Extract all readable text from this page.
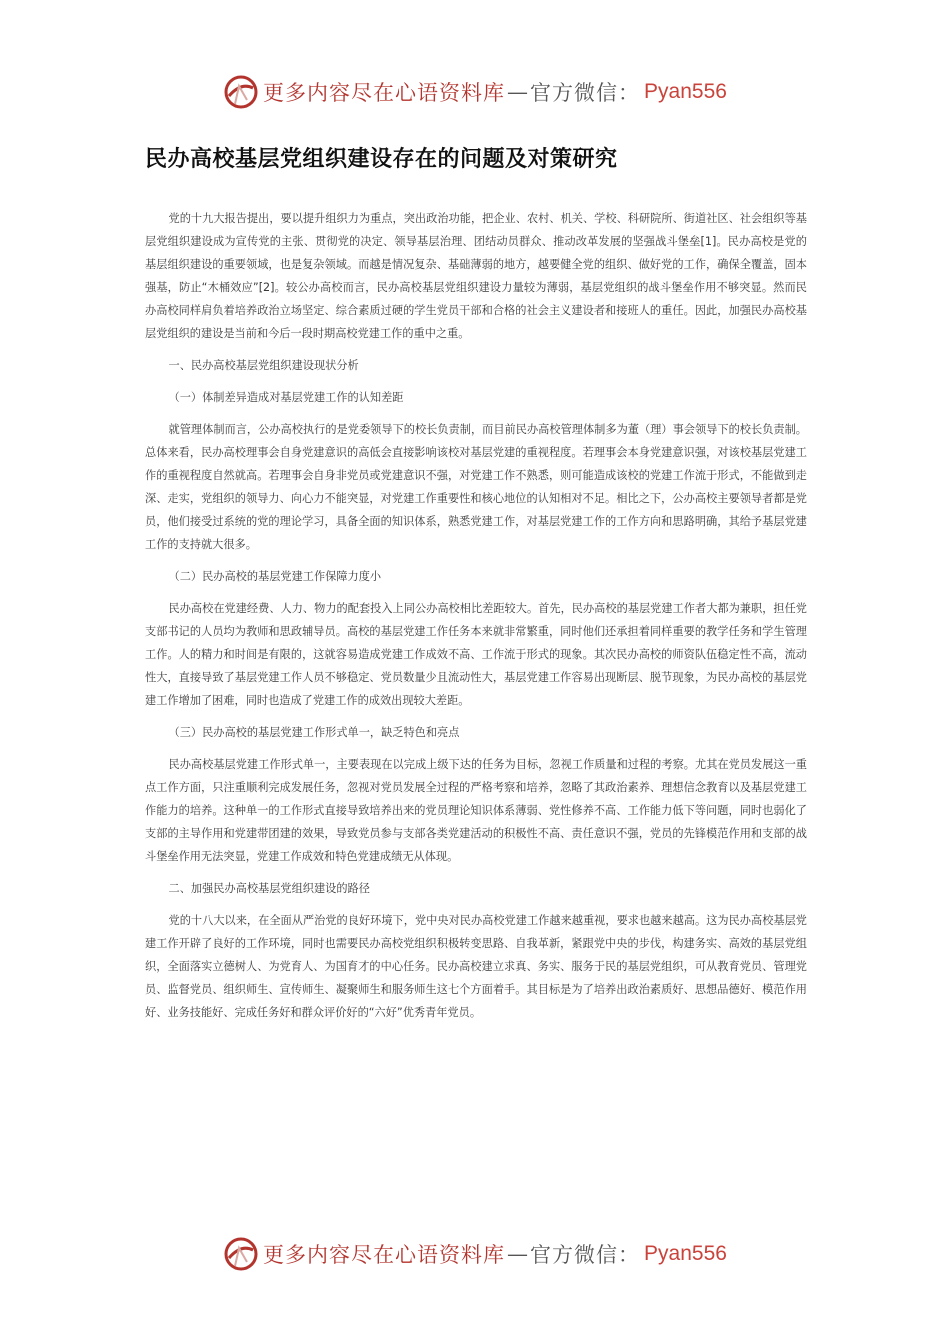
更多内容尽在心语资料库 — 官方微信： Pyan556
民办高校基层党组织建设存在的问题及对策研究
党的十九大报告提出，要以提升组织力为重点，突出政治功能，把企业、农村、机关、学校、科研院所、街道社区、社会组织等基层党组织建设成为宣传党的主张、贯彻党的决定、领导基层治理、团结动员群众、推动改革发展的坚强战斗堡垒[1]。民办高校是党的基层组织建设的重要领域，也是复杂领域。而越是情况复杂、基础薄弱的地方，越要健全党的组织、做好党的工作，确保全覆盖，固本强基，防止“木桶效应”[2]。较公办高校而言，民办高校基层党组织建设力量较为薄弱，基层党组织的战斗堡垒作用不够突显。然而民办高校同样肩负着培养政治立场坚定、综合素质过硬的学生党员干部和合格的社会主义建设者和接班人的重任。因此，加强民办高校基层党组织的建设是当前和今后一段时期高校党建工作的重中之重。
一、民办高校基层党组织建设现状分析
（一）体制差异造成对基层党建工作的认知差距
就管理体制而言，公办高校执行的是党委领导下的校长负责制，而目前民办高校管理体制多为董（理）事会领导下的校长负责制。总体来看，民办高校理事会自身党建意识的高低会直接影响该校对基层党建的重视程度。若理事会本身党建意识强，对该校基层党建工作的重视程度自然就高。若理事会自身非党员或党建意识不强，对党建工作不熟悉，则可能造成该校的党建工作流于形式，不能做到走深、走实，党组织的领导力、向心力不能突显，对党建工作重要性和核心地位的认知相对不足。相比之下，公办高校主要领导者都是党员，他们接受过系统的党的理论学习，具备全面的知识体系，熟悉党建工作，对基层党建工作的工作方向和思路明确，其给予基层党建工作的支持就大很多。
（二）民办高校的基层党建工作保障力度小
民办高校在党建经费、人力、物力的配套投入上同公办高校相比差距较大。首先，民办高校的基层党建工作者大都为兼职，担任党支部书记的人员均为教师和思政辅导员。高校的基层党建工作任务本来就非常繁重，同时他们还承担着同样重要的教学任务和学生管理工作。人的精力和时间是有限的，这就容易造成党建工作成效不高、工作流于形式的现象。其次民办高校的师资队伍稳定性不高，流动性大，直接导致了基层党建工作人员不够稳定、党员数量少且流动性大，基层党建工作容易出现断层、脱节现象，为民办高校的基层党建工作增加了困难，同时也造成了党建工作的成效出现较大差距。
（三）民办高校的基层党建工作形式单一，缺乏特色和亮点
民办高校基层党建工作形式单一，主要表现在以完成上级下达的任务为目标，忽视工作质量和过程的考察。尤其在党员发展这一重点工作方面，只注重顺利完成发展任务，忽视对党员发展全过程的严格考察和培养，忽略了其政治素养、理想信念教育以及基层党建工作能力的培养。这种单一的工作形式直接导致培养出来的党员理论知识体系薄弱、党性修养不高、工作能力低下等问题，同时也弱化了支部的主导作用和党建带团建的效果，导致党员参与支部各类党建活动的积极性不高、责任意识不强，党员的先锋模范作用和支部的战斗堡垒作用无法突显，党建工作成效和特色党建成绩无从体现。
二、加强民办高校基层党组织建设的路径
党的十八大以来，在全面从严治党的良好环境下，党中央对民办高校党建工作越来越重视，要求也越来越高。这为民办高校基层党建工作开辟了良好的工作环境，同时也需要民办高校党组织积极转变思路、自我革新，紧跟党中央的步伐，构建务实、高效的基层党组织，全面落实立德树人、为党育人、为国育才的中心任务。民办高校建立求真、务实、服务于民的基层党组织，可从教育党员、管理党员、监督党员、组织师生、宣传师生、凝聚师生和服务师生这七个方面着手。其目标是为了培养出政治素质好、思想品德好、模范作用好、业务技能好、完成任务好和群众评价好的“六好”优秀青年党员。
更多内容尽在心语资料库 — 官方微信： Pyan556
